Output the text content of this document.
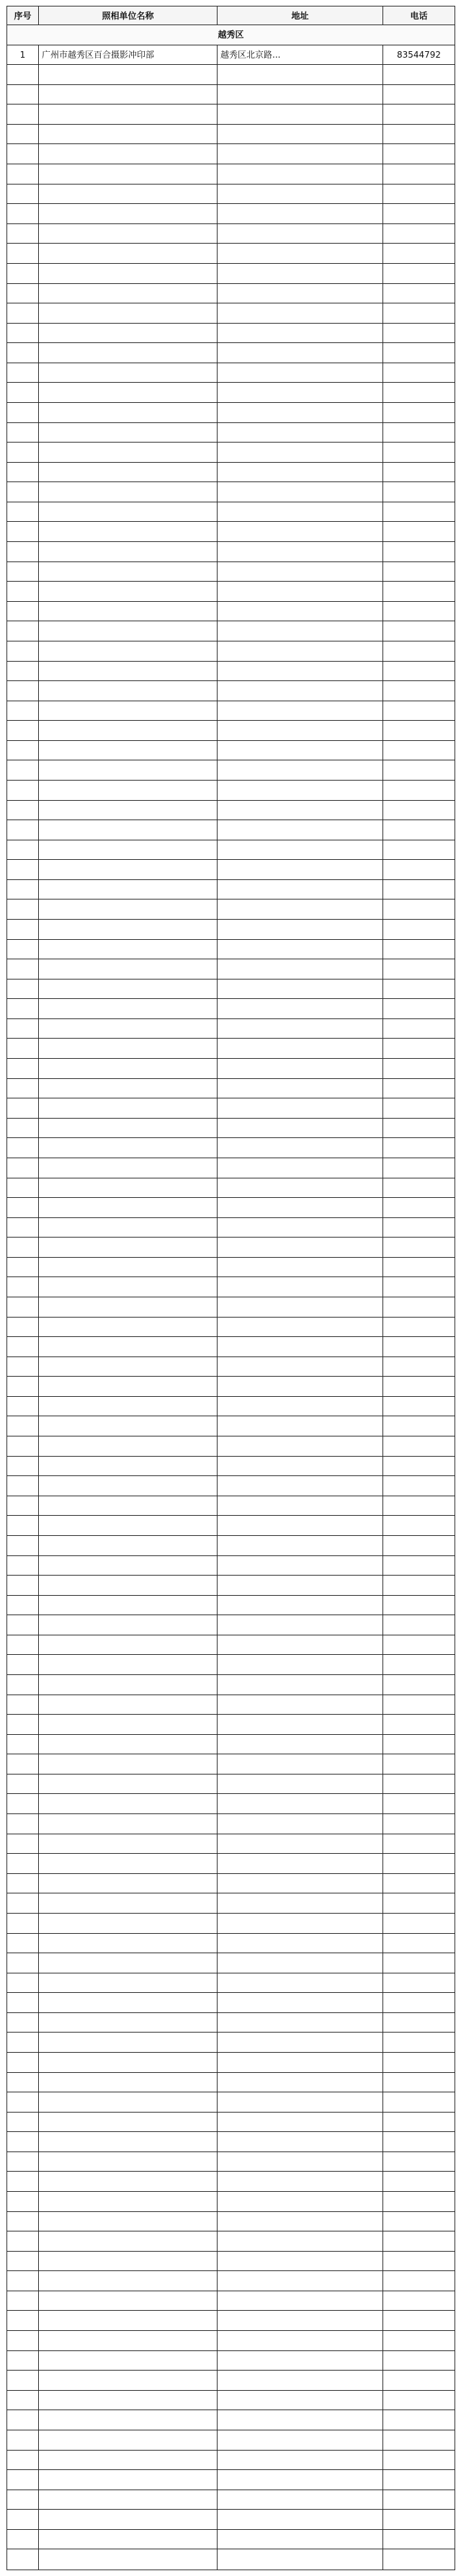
序号	照相单位名称	地址	电话
越秀区			
1	广州市越秀区百合摄影冲印部	越秀区北京路...	83544792
